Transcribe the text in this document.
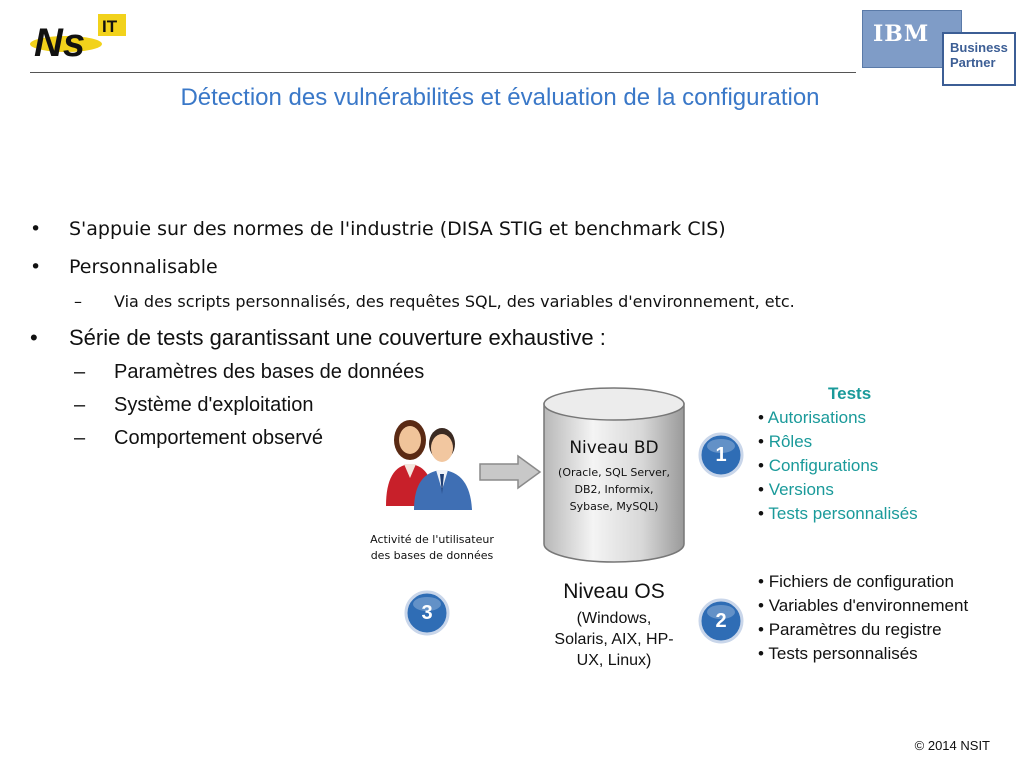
Ns IT	IBM
Business
Partner
Détection des vulnérabilités et évaluation de la configuration
• S'appuie sur des normes de l'industrie (DISA STIG et benchmark CIS)
• Personnalisable
– Via des scripts personnalisés, des requêtes SQL, des variables d'environnement, etc.
• Série de tests garantissant une couverture exhaustive :
– Paramètres des bases de données
– Système d'exploitation
– Comportement observé
Activité de l'utilisateur
des bases de données
Niveau BD
(Oracle, SQL Server,
DB2, Informix,
Sybase, MySQL)
Niveau OS
(Windows,
Solaris, AIX, HP-
UX, Linux)
1
2
3
Tests
• Autorisations
• Rôles
• Configurations
• Versions
• Tests personnalisés
• Fichiers de configuration
• Variables d'environnement
• Paramètres du registre
• Tests personnalisés
© 2014 NSIT
